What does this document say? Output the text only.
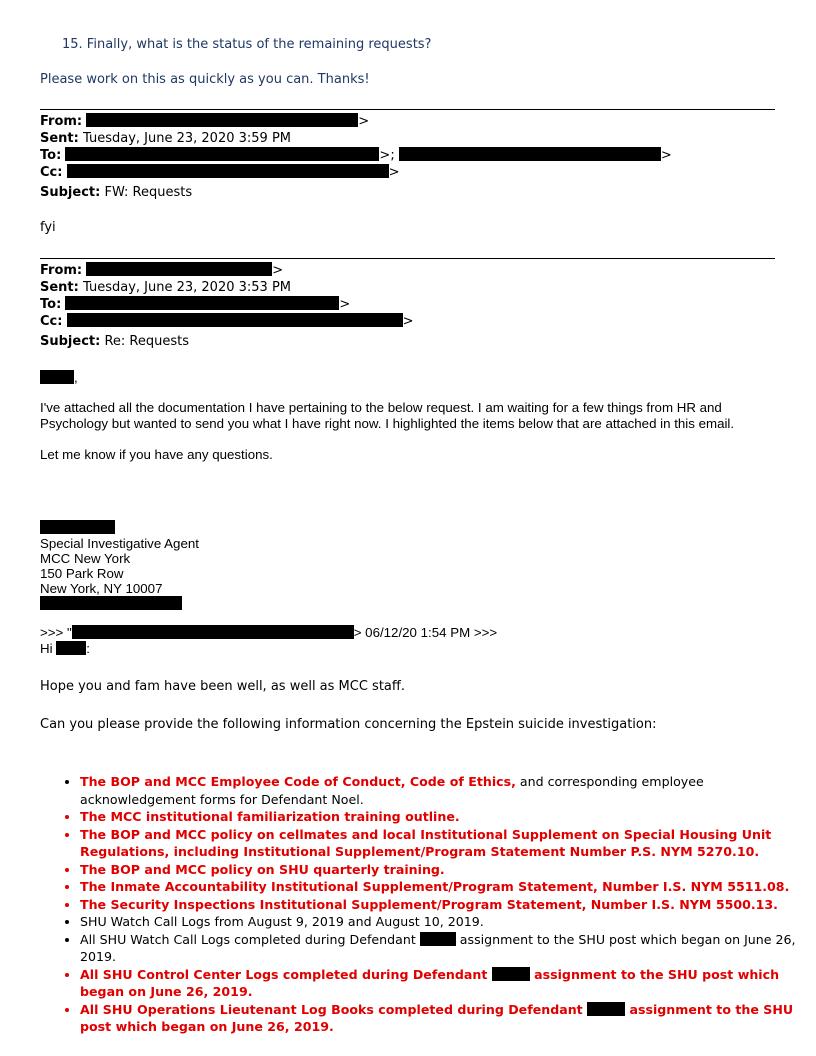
15. Finally, what is the status of the remaining requests?
Please work on this as quickly as you can. Thanks!
From:	>
Sent: Tuesday, June 23, 2020 3:59 PM
To:	>;	>
Cc:	>
Subject: FW: Requests
fyi
From:	>
Sent: Tuesday, June 23, 2020 3:53 PM
To:	>
Cc:	>
Subject: Re: Requests
,
I've attached all the documentation I have pertaining to the below request. I am waiting for a few things from HR and Psychology but wanted to send you what I have right now. I highlighted the items below that are attached in this email.
Let me know if you have any questions.
Special Investigative Agent
MCC New York
150 Park Row
New York, NY 10007
>>> "	> 06/12/20 1:54 PM >>>
Hi	:
Hope you and fam have been well, as well as MCC staff.
Can you please provide the following information concerning the Epstein suicide investigation:
• The BOP and MCC Employee Code of Conduct, Code of Ethics, and corresponding employee acknowledgement forms for Defendant Noel.
• The MCC institutional familiarization training outline.
• The BOP and MCC policy on cellmates and local Institutional Supplement on Special Housing Unit Regulations, including Institutional Supplement/Program Statement Number P.S. NYM 5270.10.
• The BOP and MCC policy on SHU quarterly training.
• The Inmate Accountability Institutional Supplement/Program Statement, Number I.S. NYM 5511.08.
• The Security Inspections Institutional Supplement/Program Statement, Number I.S. NYM 5500.13.
• SHU Watch Call Logs from August 9, 2019 and August 10, 2019.
• All SHU Watch Call Logs completed during Defendant	assignment to the SHU post which began on June 26, 2019.
• All SHU Control Center Logs completed during Defendant	assignment to the SHU post which began on June 26, 2019.
• All SHU Operations Lieutenant Log Books completed during Defendant	assignment to the SHU post which began on June 26, 2019.
